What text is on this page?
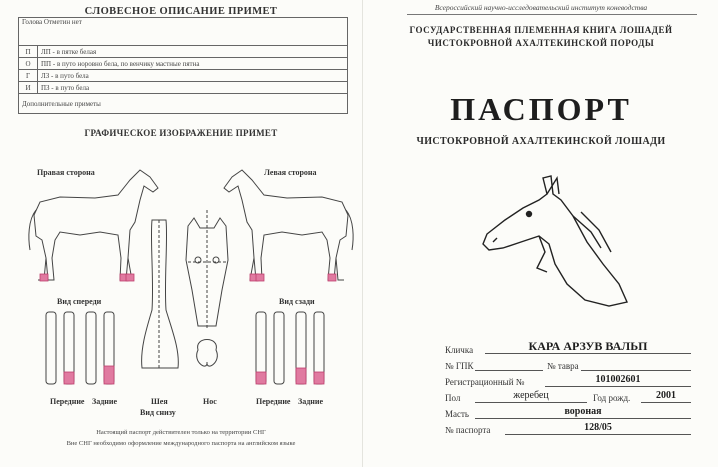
СЛОВЕСНОЕ ОПИСАНИЕ ПРИМЕТ
Голова Отметин нет	
П	ЛП - в пятке белая
О	ПП - в путо норовно бела, по венчику мастные пятна
Г	ЛЗ - в путо бела
И	ПЗ - в путо бела
Дополнительные приметы	
ГРАФИЧЕСКОЕ ИЗОБРАЖЕНИЕ ПРИМЕТ
Правая сторона	Левая сторона
Вид спереди	Вид сзади
Передние Задние	Передние Задние
Шея
Вид снизу
Нос
Настоящий паспорт действителен только на территории СНГ
Вне СНГ необходимо оформление международного паспорта на английском языке
Всероссийский научно-исследовательский институт коневодства
ГОСУДАРСТВЕННАЯ ПЛЕМЕННАЯ КНИГА ЛОШАДЕЙ
ЧИСТОКРОВНОЙ АХАЛТЕКИНСКОЙ ПОРОДЫ
ПАСПОРТ
ЧИСТОКРОВНОЙ АХАЛТЕКИНСКОЙ ЛОШАДИ
Кличка	КАРА АРЗУВ ВАЛЬП
№ ГПК	№ тавра
Регистрационный №	101002601
Пол	жеребец	Год рожд.	2001
Масть	вороная
№ паспорта	128/05
